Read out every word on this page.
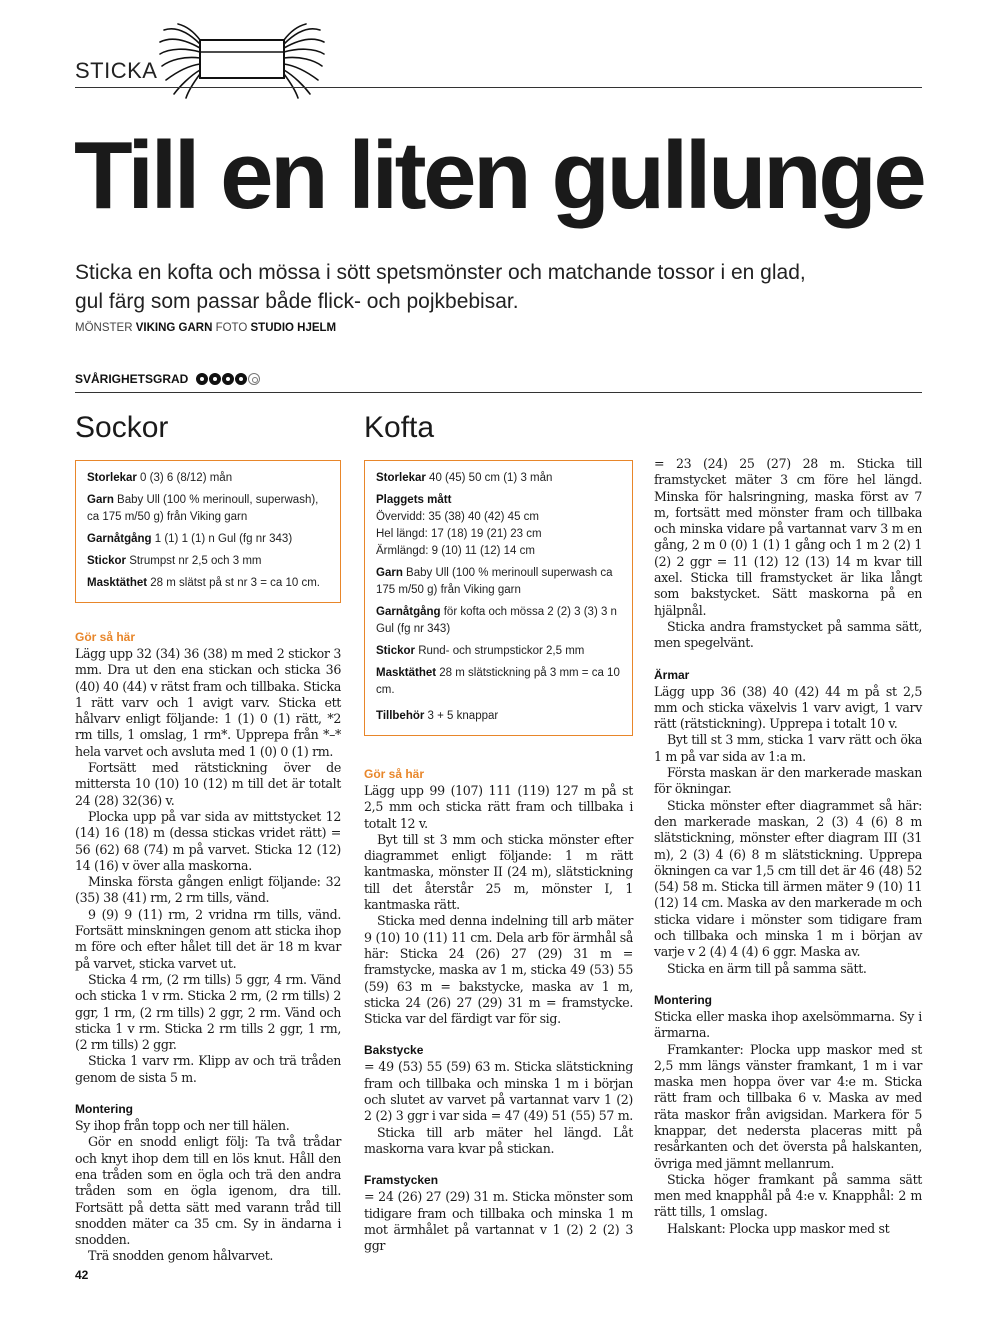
STICKA
Till en liten gullunge

Sticka en kofta och mössa i sött spetsmönster och matchande tossor i en glad, gul färg som passar både flick- och pojkbebisar.

MÖNSTER VIKING GARN FOTO STUDIO HJELM
SVÅRIGHETSGRAD
Sockor

Storlekar 0 (3) 6 (8/12) mån

Garn Baby Ull (100 % merinoull, superwash), ca 175 m/50 g) från Viking garn

Garnåtgång 1 (1) 1 (1) n Gul (fg nr 343)

Stickor Strumpst nr 2,5 och 3 mm

Masktäthet 28 m slätst på st nr 3 = ca 10 cm.

Gör så här

Lägg upp 32 (34) 36 (38) m med 2 stickor 3 mm. Dra ut den ena stickan och sticka 36 (40) 40 (44) v rätst fram och tillbaka. Sticka 1 rätt varv och 1 avigt varv. Sticka ett hålvarv enligt följande: 1 (1) 0 (1) rätt, *2 rm tills, 1 omslag, 1 rm*. Upprepa från *–* hela varvet och avsluta med 1 (0) 0 (1) rm.

Fortsätt med rätstickning över de mittersta 10 (10) 10 (12) m till det är totalt 24 (28) 32(36) v.

Plocka upp på var sida av mittstycket 12 (14) 16 (18) m (dessa stickas vridet rätt) = 56 (62) 68 (74) m på varvet. Sticka 12 (12) 14 (16) v över alla maskorna.

Minska första gången enligt följande: 32 (35) 38 (41) rm, 2 rm tills, vänd.

9 (9) 9 (11) rm, 2 vridna rm tills, vänd. Fortsätt minskningen genom att sticka ihop m före och efter hålet till det är 18 m kvar på varvet, sticka varvet ut.

Sticka 4 rm, (2 rm tills) 5 ggr, 4 rm. Vänd och sticka 1 v rm. Sticka 2 rm, (2 rm tills) 2 ggr, 1 rm, (2 rm tills) 2 ggr, 2 rm. Vänd och sticka 1 v rm. Sticka 2 rm tills 2 ggr, 1 rm, (2 rm tills) 2 ggr.

Sticka 1 varv rm. Klipp av och trä tråden genom de sista 5 m.

Montering

Sy ihop från topp och ner till hälen.

Gör en snodd enligt följ: Ta två trådar och knyt ihop dem till en lös knut. Håll den ena tråden som en ögla och trä den andra tråden som en ögla igenom, dra till. Fortsätt på detta sätt med varann tråd till snodden mäter ca 35 cm. Sy in ändarna i snodden.

Trä snodden genom hålvarvet.

Kofta

Storlekar 40 (45) 50 cm (1) 3 mån

Plaggets mått
Övervidd: 35 (38) 40 (42) 45 cm
Hel längd: 17 (18) 19 (21) 23 cm
Ärmlängd: 9 (10) 11 (12) 14 cm

Garn Baby Ull (100 % merinoull superwash ca 175 m/50 g) från Viking garn

Garnåtgång för kofta och mössa 2 (2) 3 (3) 3 n Gul (fg nr 343)

Stickor Rund- och strumpstickor 2,5 mm

Masktäthet 28 m slätstickning på 3 mm = ca 10 cm.

Tillbehör 3 + 5 knappar

Gör så här

Lägg upp 99 (107) 111 (119) 127 m på st 2,5 mm och sticka rätt fram och tillbaka i totalt 12 v.

Byt till st 3 mm och sticka mönster efter diagrammet enligt följande: 1 m rätt kantmaska, mönster II (24 m), slätstickning till det återstår 25 m, mönster I, 1 kantmaska rätt.

Sticka med denna indelning till arb mäter 9 (10) 10 (11) 11 cm. Dela arb för ärmhål så här: Sticka 24 (26) 27 (29) 31 m = framstycke, maska av 1 m, sticka 49 (53) 55 (59) 63 m = bakstycke, maska av 1 m, sticka 24 (26) 27 (29) 31 m = framstycke. Sticka var del färdigt var för sig.

Bakstycke

= 49 (53) 55 (59) 63 m. Sticka slätstickning fram och tillbaka och minska 1 m i början och slutet av varvet på vartannat varv 1 (2) 2 (2) 3 ggr i var sida = 47 (49) 51 (55) 57 m.

Sticka till arb mäter hel längd. Låt maskorna vara kvar på stickan.

Framstycken

= 24 (26) 27 (29) 31 m. Sticka mönster som tidigare fram och tillbaka och minska 1 m mot ärmhålet på vartannat v 1 (2) 2 (2) 3 ggr

= 23 (24) 25 (27) 28 m. Sticka till framstycket mäter 3 cm före hel längd. Minska för halsringning, maska först av 7 m, fortsätt med mönster fram och tillbaka och minska vidare på vartannat varv 3 m en gång, 2 m 0 (0) 1 (1) 1 gång och 1 m 2 (2) 1 (2) 2 ggr = 11 (12) 12 (13) 14 m kvar till axel. Sticka till framstycket är lika långt som bakstycket. Sätt maskorna på en hjälpnål.

Sticka andra framstycket på samma sätt, men spegelvänt.

Ärmar

Lägg upp 36 (38) 40 (42) 44 m på st 2,5 mm och sticka växelvis 1 varv avigt, 1 varv rätt (rätstickning). Upprepa i totalt 10 v.

Byt till st 3 mm, sticka 1 varv rätt och öka 1 m på var sida av 1:a m.

Första maskan är den markerade maskan för ökningar.

Sticka mönster efter diagrammet så här: den markerade maskan, 2 (3) 4 (6) 8 m slätstickning, mönster efter diagram III (31 m), 2 (3) 4 (6) 8 m slätstickning. Upprepa ökningen ca var 1,5 cm till det är 46 (48) 52 (54) 58 m. Sticka till ärmen mäter 9 (10) 11 (12) 14 cm. Maska av den markerade m och sticka vidare i mönster som tidigare fram och tillbaka och minska 1 m i början av varje v 2 (4) 4 (4) 6 ggr. Maska av.

Sticka en ärm till på samma sätt.

Montering

Sticka eller maska ihop axelsömmarna. Sy i ärmarna.

Framkanter: Plocka upp maskor med st 2,5 mm längs vänster framkant, 1 m i var maska men hoppa över var 4:e m. Sticka rätt fram och tillbaka 6 v. Maska av med räta maskor från avigsidan. Markera för 5 knappar, det nedersta placeras mitt på resårkanten och det översta på halskanten, övriga med jämnt mellanrum.

Sticka höger framkant på samma sätt men med knapphål på 4:e v. Knapphål: 2 m rätt tills, 1 omslag.

Halskant: Plocka upp maskor med st

42
